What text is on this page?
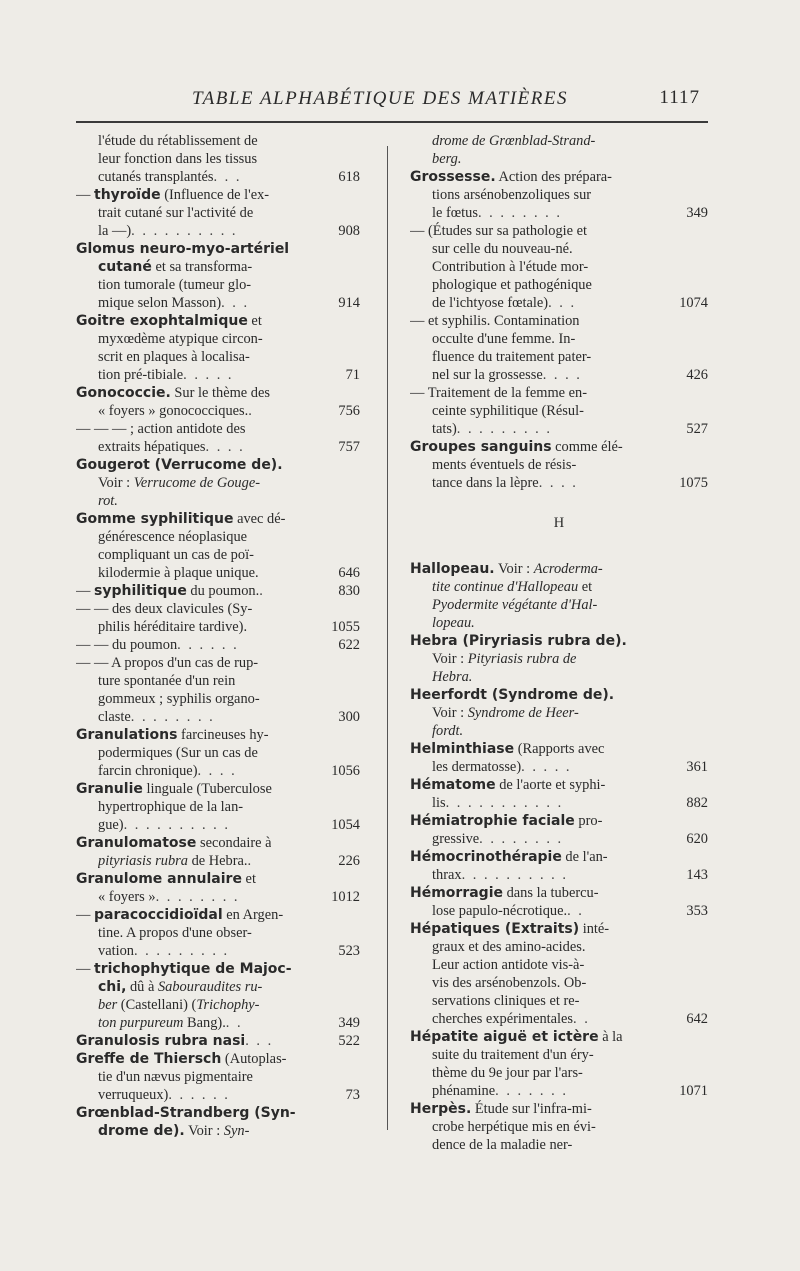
TABLE ALPHABÉTIQUE DES MATIÈRES	1117
l'étude du rétablissement de
leur fonction dans les tissus
cutanés transplantés . . .	618
— thyroïde (Influence de l'ex-
trait cutané sur l'activité de
la —) . . . . . . . . . .	908
Glomus neuro-myo-artériel
cutané et sa transforma-
tion tumorale (tumeur glo-
mique selon Masson) . . .	914
Goitre exophtalmique et
myxœdème atypique circon-
scrit en plaques à localisa-
tion pré-tibiale . . . . .	71
Gonococcie. Sur le thème des
« foyers » gonococciques. .	756
— — — ; action antidote des
extraits hépatiques . . . .	757
Gougerot (Verrucome de).
Voir : Verrucome de Gouge-
rot.
Gomme syphilitique avec dé-
générescence néoplasique
compliquant un cas de poï-
kilodermie à plaque unique.	646
— syphilitique du poumon. .	830
— — des deux clavicules (Sy-
philis héréditaire tardive).	1055
— — du poumon . . . . . .	622
— — A propos d'un cas de rup-
ture spontanée d'un rein
gommeux ; syphilis organo-
claste . . . . . . . .	300
Granulations farcineuses hy-
podermiques (Sur un cas de
farcin chronique) . . . .	1056
Granulie linguale (Tuberculose
hypertrophique de la lan-
gue) . . . . . . . . . .	1054
Granulomatose secondaire à
pityriasis rubra de Hebra. .	226
Granulome annulaire et
« foyers » . . . . . . . .	1012
— paracoccidioïdal en Argen-
tine. A propos d'une obser-
vation . . . . . . . . .	523
— trichophytique de Majoc-
chi, dû à Sabouraudites ru-
ber (Castellani) (Trichophy-
ton purpureum Bang). . .	349
Granulosis rubra nasi . . .	522
Greffe de Thiersch (Autoplas-
tie d'un nævus pigmentaire
verruqueux) . . . . . .	73
Grœnblad-Strandberg (Syn-
drome de). Voir : Syn-
drome de Grœnblad-Strand-
berg.
Grossesse. Action des prépara-
tions arsénobenzoliques sur
le fœtus . . . . . . . .	349
— (Études sur sa pathologie et
sur celle du nouveau-né.
Contribution à l'étude mor-
phologique et pathogénique
de l'ichtyose fœtale) . . .	1074
— et syphilis. Contamination
occulte d'une femme. In-
fluence du traitement pater-
nel sur la grossesse . . . .	426
— Traitement de la femme en-
ceinte syphilitique (Résul-
tats) . . . . . . . . .	527
Groupes sanguins comme élé-
ments éventuels de résis-
tance dans la lèpre . . . .	1075
H
Hallopeau. Voir : Acroderma-
tite continue d'Hallopeau et
Pyodermite végétante d'Hal-
lopeau.
Hebra (Piryriasis rubra de).
Voir : Pityriasis rubra de
Hebra.
Heerfordt (Syndrome de).
Voir : Syndrome de Heer-
fordt.
Helminthiase (Rapports avec
les dermatosse) . . . . .	361
Hématome de l'aorte et syphi-
lis . . . . . . . . . . .	882
Hémiatrophie faciale pro-
gressive . . . . . . . .	620
Hémocrinothérapie de l'an-
thrax . . . . . . . . . .	143
Hémorragie dans la tubercu-
lose papulo-nécrotique. . .	353
Hépatiques (Extraits) inté-
graux et des amino-acides.
Leur action antidote vis-à-
vis des arsénobenzols. Ob-
servations cliniques et re-
cherches expérimentales . .	642
Hépatite aiguë et ictère à la
suite du traitement d'un éry-
thème du 9e jour par l'ars-
phénamine . . . . . . .	1071
Herpès. Étude sur l'infra-mi-
crobe herpétique mis en évi-
dence de la maladie ner-
